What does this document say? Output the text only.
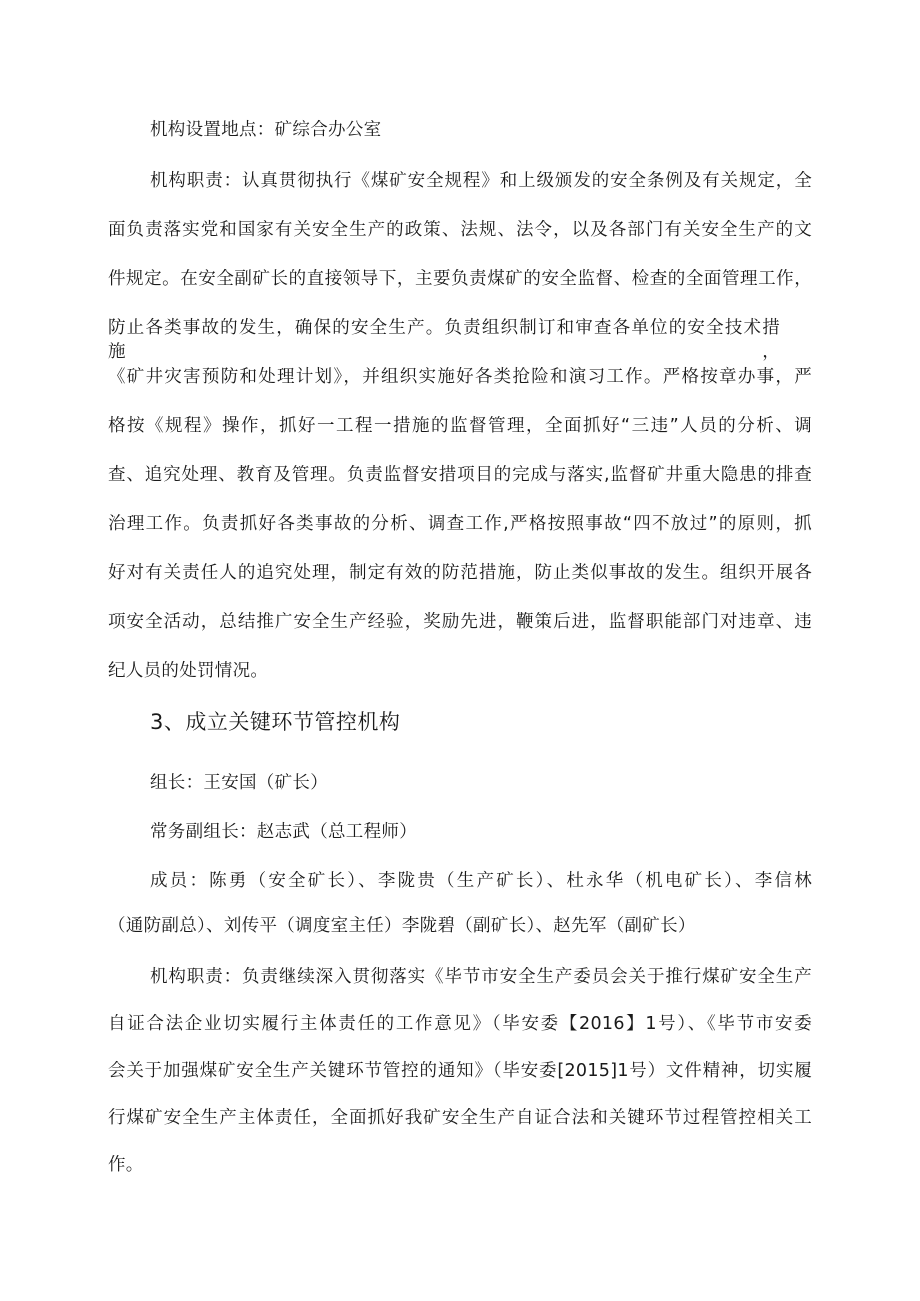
机构设置地点：矿综合办公室
机构职责：认真贯彻执行《煤矿安全规程》和上级颁发的安全条例及有关规定，全
面负责落实党和国家有关安全生产的政策、法规、法令，以及各部门有关安全生产的文
件规定。在安全副矿长的直接领导下，主要负责煤矿的安全监督、检查的全面管理工作，
防止各类事故的发生，确保的安全生产。负责组织制订和审查各单位的安全技术措施，
《矿井灾害预防和处理计划》，并组织实施好各类抢险和演习工作。严格按章办事，严
格按《规程》操作，抓好一工程一措施的监督管理，全面抓好“三违”人员的分析、调
查、追究处理、教育及管理。负责监督安措项目的完成与落实,监督矿井重大隐患的排查
治理工作。负责抓好各类事故的分析、调查工作,严格按照事故“四不放过”的原则，抓
好对有关责任人的追究处理，制定有效的防范措施，防止类似事故的发生。组织开展各
项安全活动，总结推广安全生产经验，奖励先进，鞭策后进，监督职能部门对违章、违
纪人员的处罚情况。
3、成立关键环节管控机构
组长：王安国（矿长）
常务副组长：赵志武（总工程师）
成员：陈勇（安全矿长）、李陇贵（生产矿长）、杜永华（机电矿长）、李信林
（通防副总）、刘传平（调度室主任）李陇碧（副矿长）、赵先军（副矿长）
机构职责：负责继续深入贯彻落实《毕节市安全生产委员会关于推行煤矿安全生产
自证合法企业切实履行主体责任的工作意见》（毕安委【2016】1号）、《毕节市安委
会关于加强煤矿安全生产关键环节管控的通知》（毕安委[2015]1号）文件精神，切实履
行煤矿安全生产主体责任，全面抓好我矿安全生产自证合法和关键环节过程管控相关工
作。
